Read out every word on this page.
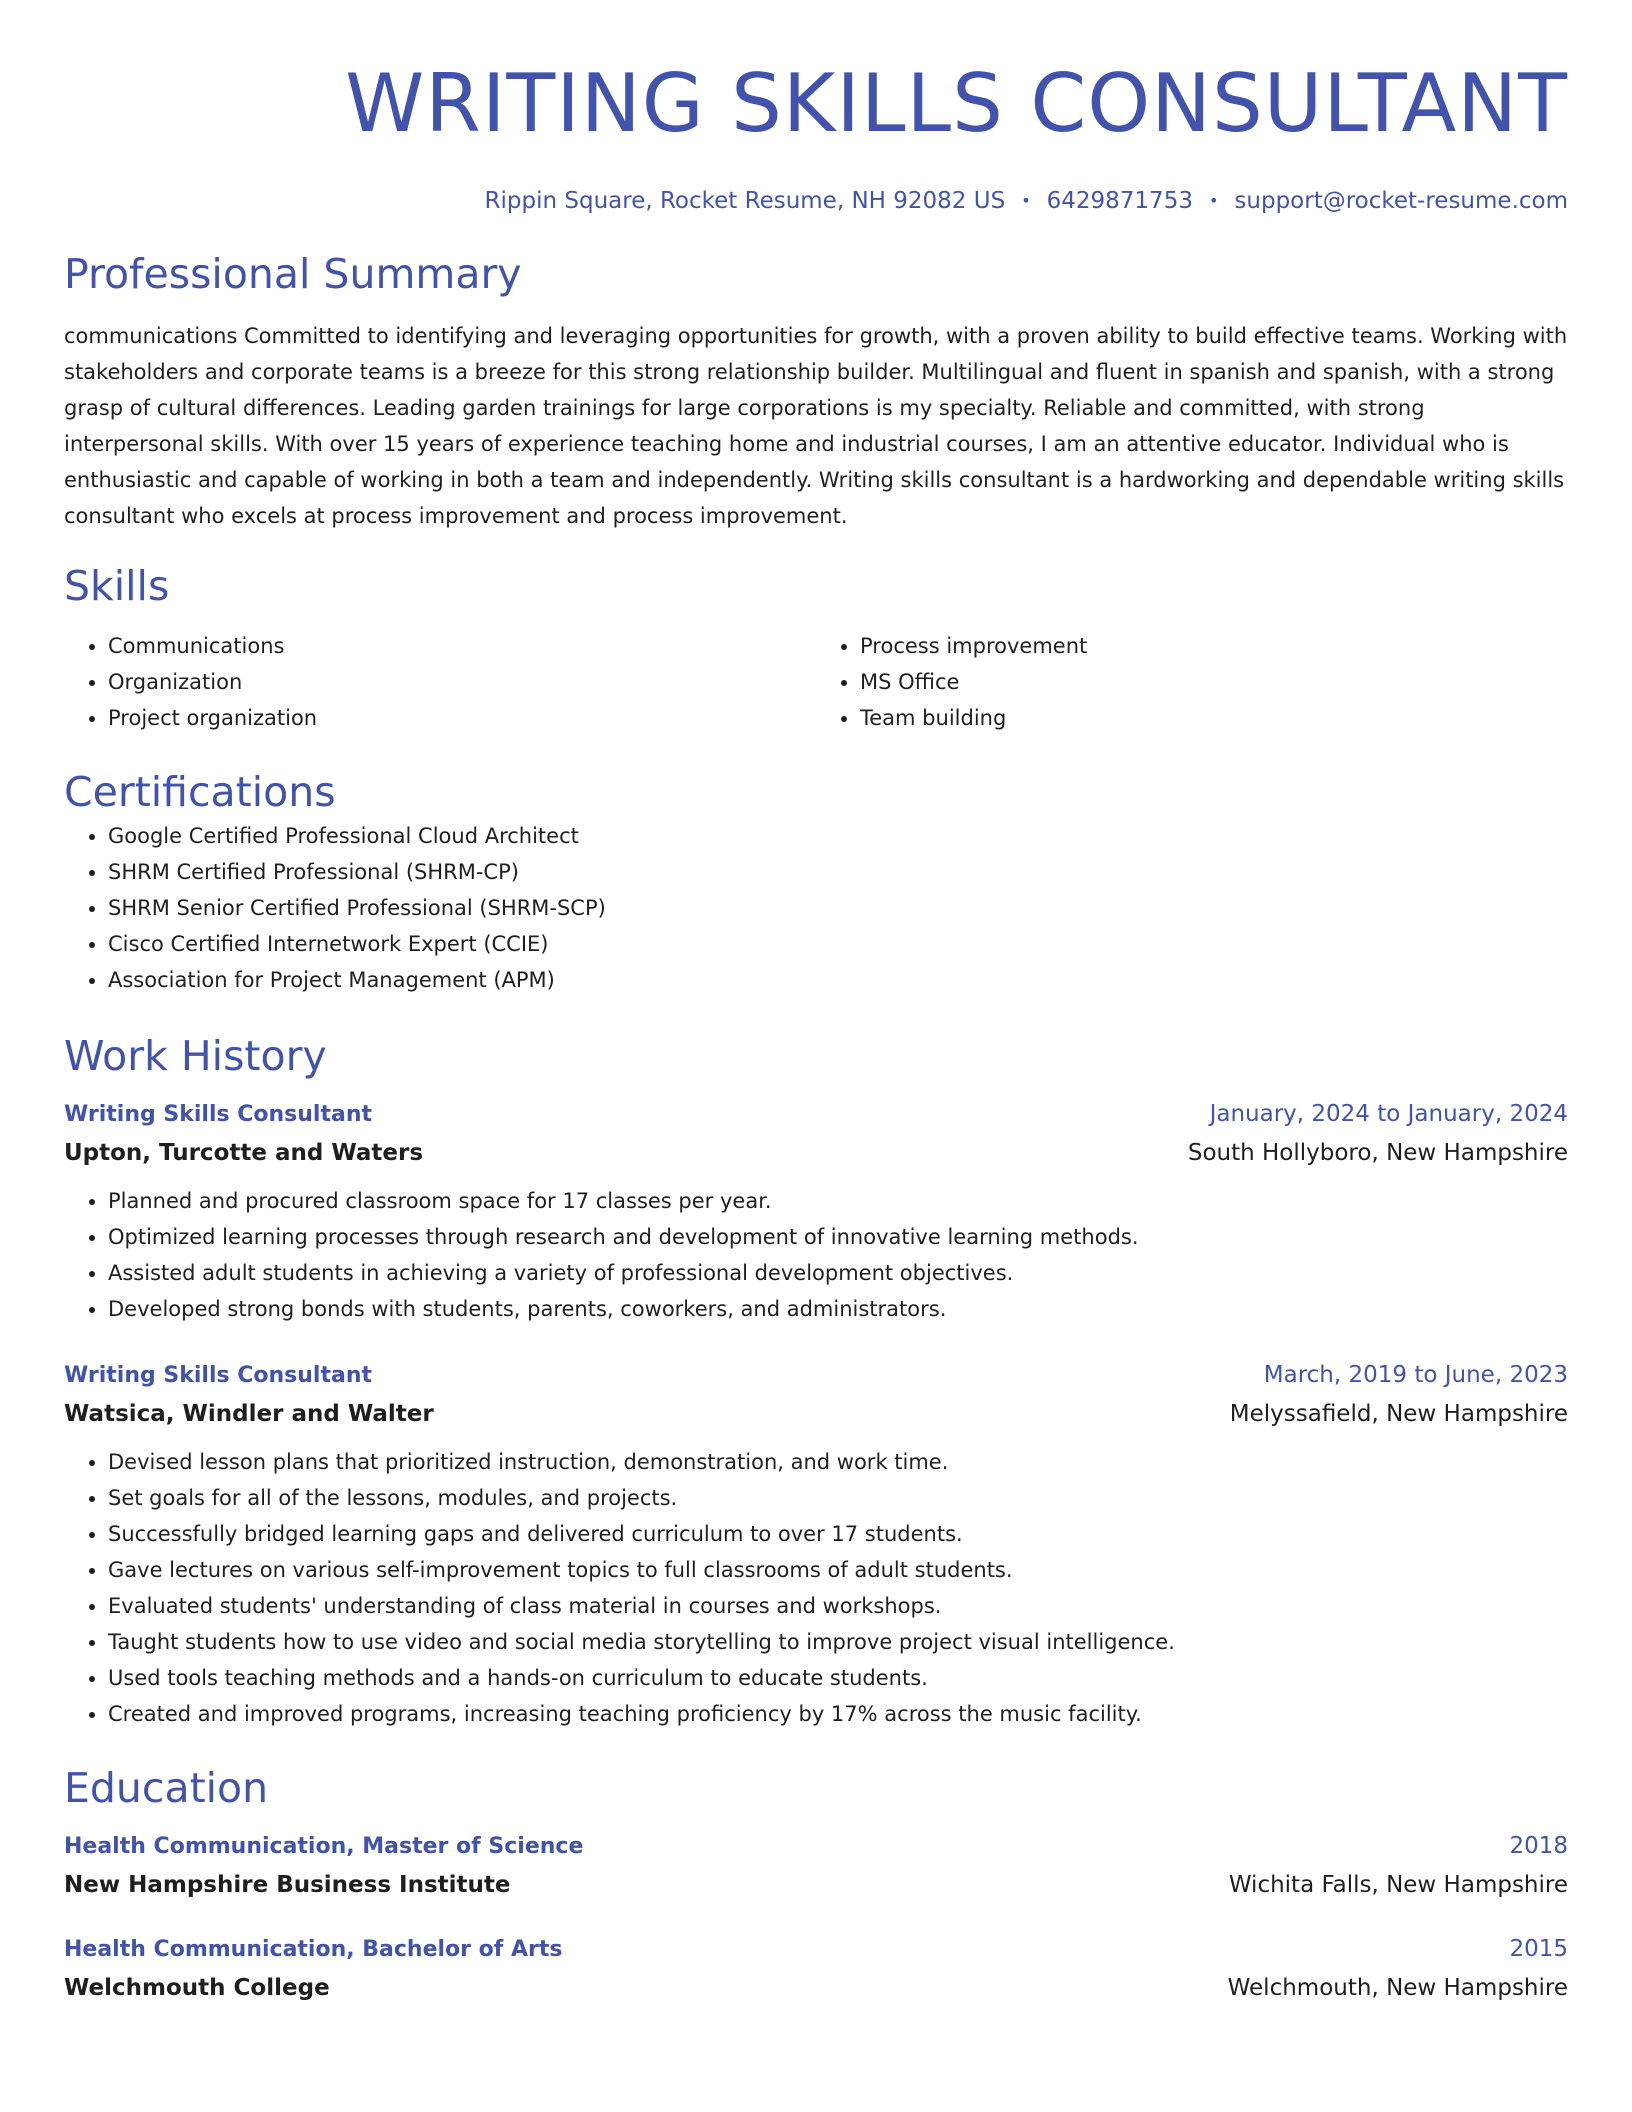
WRITING SKILLS CONSULTANT
Rippin Square, Rocket Resume, NH 92082 US • 6429871753 • support@rocket-resume.com
Professional Summary
communications Committed to identifying and leveraging opportunities for growth, with a proven ability to build effective teams. Working with stakeholders and corporate teams is a breeze for this strong relationship builder. Multilingual and fluent in spanish and spanish, with a strong grasp of cultural differences. Leading garden trainings for large corporations is my specialty. Reliable and committed, with strong interpersonal skills. With over 15 years of experience teaching home and industrial courses, I am an attentive educator. Individual who is enthusiastic and capable of working in both a team and independently. Writing skills consultant is a hardworking and dependable writing skills consultant who excels at process improvement and process improvement.
Skills
• Communications
• Organization
• Project organization
• Process improvement
• MS Office
• Team building
Certifications
• Google Certified Professional Cloud Architect
• SHRM Certified Professional (SHRM-CP)
• SHRM Senior Certified Professional (SHRM-SCP)
• Cisco Certified Internetwork Expert (CCIE)
• Association for Project Management (APM)
Work History
Writing Skills Consultant	January, 2024 to January, 2024
Upton, Turcotte and Waters	South Hollyboro, New Hampshire
• Planned and procured classroom space for 17 classes per year.
• Optimized learning processes through research and development of innovative learning methods.
• Assisted adult students in achieving a variety of professional development objectives.
• Developed strong bonds with students, parents, coworkers, and administrators.
Writing Skills Consultant	March, 2019 to June, 2023
Watsica, Windler and Walter	Melyssafield, New Hampshire
• Devised lesson plans that prioritized instruction, demonstration, and work time.
• Set goals for all of the lessons, modules, and projects.
• Successfully bridged learning gaps and delivered curriculum to over 17 students.
• Gave lectures on various self-improvement topics to full classrooms of adult students.
• Evaluated students' understanding of class material in courses and workshops.
• Taught students how to use video and social media storytelling to improve project visual intelligence.
• Used tools teaching methods and a hands-on curriculum to educate students.
• Created and improved programs, increasing teaching proficiency by 17% across the music facility.
Education
Health Communication, Master of Science	2018
New Hampshire Business Institute	Wichita Falls, New Hampshire
Health Communication, Bachelor of Arts	2015
Welchmouth College	Welchmouth, New Hampshire
